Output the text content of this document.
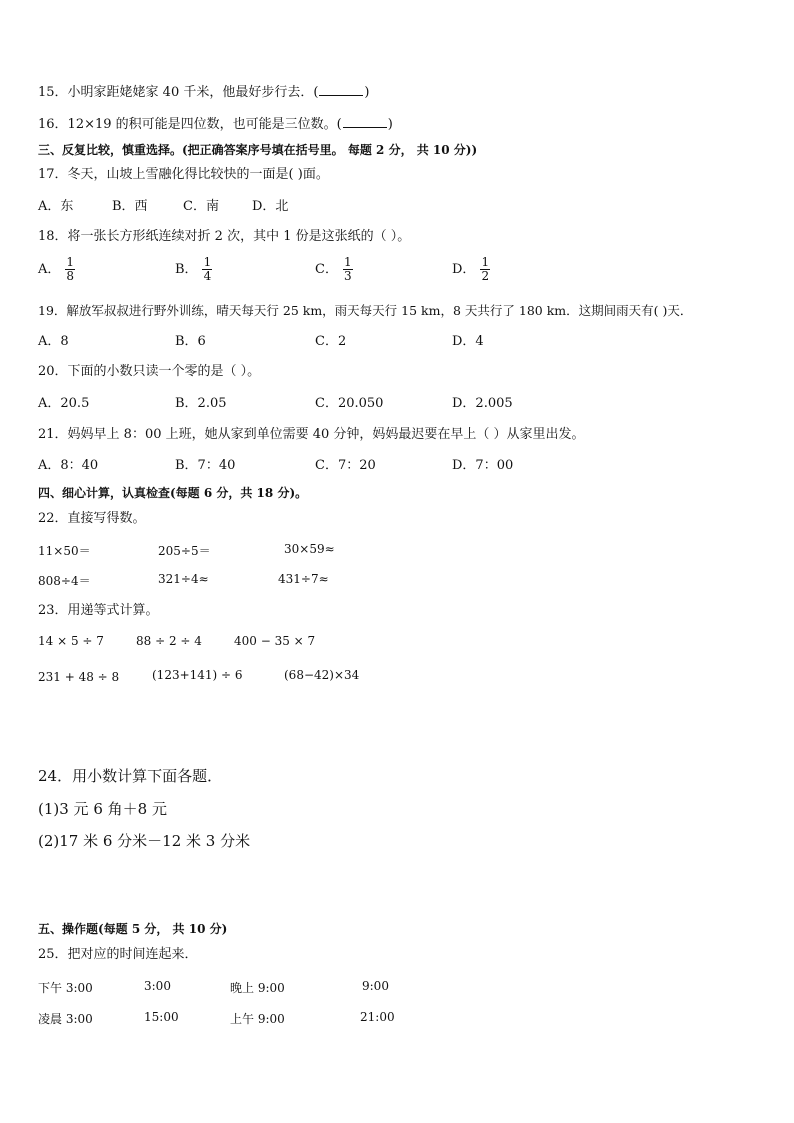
15．小明家距姥姥家 40 千米，他最好步行去．(	)
16．12×19 的积可能是四位数，也可能是三位数。(	)
三、反复比较，慎重选择。(把正确答案序号填在括号里。 每题 2 分， 共 10 分))
17．冬天，山坡上雪融化得比较快的一面是( )面。
A．东	B．西	C．南	D．北
18．将一张长方形纸连续对折 2 次，其中 1 份是这张纸的（ ）。
A． $\frac{1}{8}$	B． $\frac{1}{4}$	C． $\frac{1}{3}$	D． $\frac{1}{2}$
19．解放军叔叔进行野外训练，晴天每天行 25 km，雨天每天行 15 km，8 天共行了 180 km．这期间雨天有( )天．
A．8	B．6	C．2	D．4
20．下面的小数只读一个零的是（ ）。
A．20.5	B．2.05	C．20.050	D．2.005
21．妈妈早上 8：00 上班，她从家到单位需要 40 分钟，妈妈最迟要在早上（ ）从家里出发。
A．8：40	B．7：40	C．7：20	D．7：00
四、细心计算，认真检查(每题 6 分，共 18 分)。
22．直接写得数。
11×50＝	205÷5＝	30×59≈
808÷4＝	321÷4≈	431÷7≈
23．用递等式计算。
14 × 5 ÷ 7	88 ÷ 2 ÷ 4	400 − 35 × 7
231 + 48 ÷ 8	(123+141) ÷ 6	(68−42)×34
24．用小数计算下面各题．
(1)3 元 6 角＋8 元
(2)17 米 6 分米－12 米 3 分米
五、操作题(每题 5 分， 共 10 分)
25．把对应的时间连起来．
下午 3:00	3:00	晚上 9:00	9:00
凌晨 3:00	15:00	上午 9:00	21:00
